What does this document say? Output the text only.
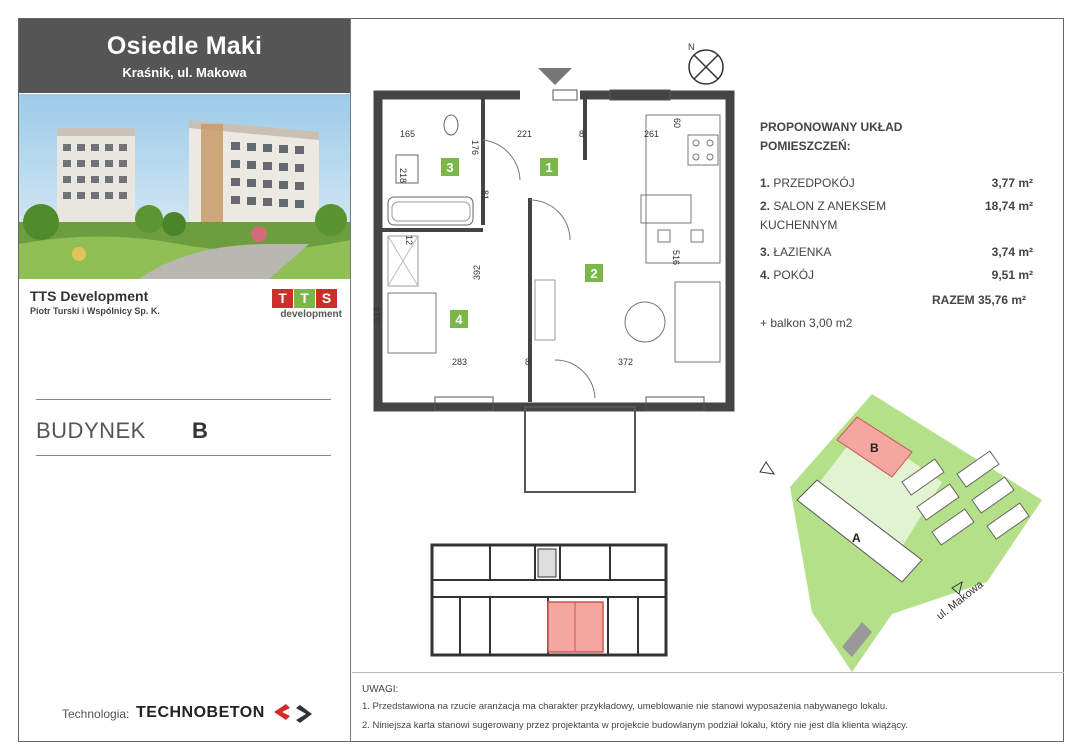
Osiedle Maki
Kraśnik, ul. Makowa
TTS Development
Piotr Turski i Wspólnicy Sp. K.
T T S
development
BUDYNEK B
Technologia: TECHNOBETON
N
3	1
2
4
165	221	8	261
60
176
218
81
12
392
516
314
283	8	372
PROPONOWANY UKŁAD
POMIESZCZEŃ:
1. PRZEDPOKÓJ	3,77 m²
2. SALON Z ANEKSEM	18,74 m²
KUCHENNYM
3. ŁAZIENKA	3,74 m²
4. POKÓJ	9,51 m²
RAZEM 35,76 m²
+ balkon 3,00 m2
B
A
ul. Makowa
UWAGI:
1. Przedstawiona na rzucie aranżacja ma charakter przykładowy, umeblowanie nie stanowi wyposażenia nabywanego lokalu.
2. Niniejsza karta stanowi sugerowany przez projektanta w projekcie budowlanym podział lokalu, który nie jest dla klienta wiążący.
